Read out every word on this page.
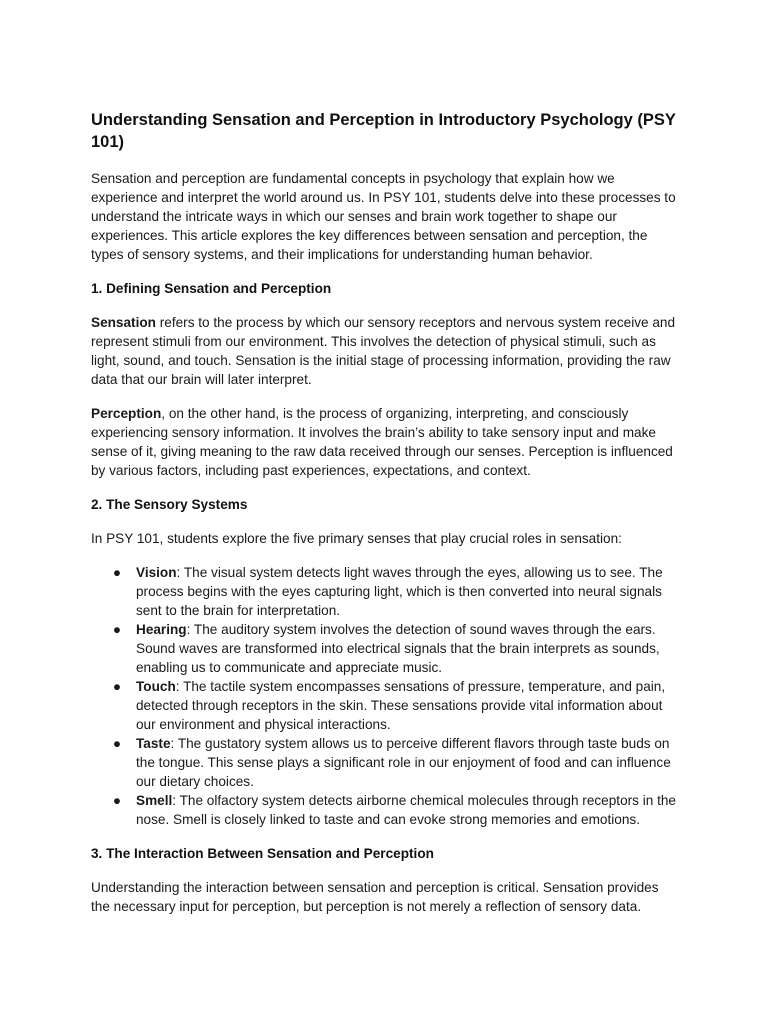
Understanding Sensation and Perception in Introductory Psychology (PSY 101)

Sensation and perception are fundamental concepts in psychology that explain how we experience and interpret the world around us. In PSY 101, students delve into these processes to understand the intricate ways in which our senses and brain work together to shape our experiences. This article explores the key differences between sensation and perception, the types of sensory systems, and their implications for understanding human behavior.

1. Defining Sensation and Perception

Sensation refers to the process by which our sensory receptors and nervous system receive and represent stimuli from our environment. This involves the detection of physical stimuli, such as light, sound, and touch. Sensation is the initial stage of processing information, providing the raw data that our brain will later interpret.

Perception, on the other hand, is the process of organizing, interpreting, and consciously experiencing sensory information. It involves the brain’s ability to take sensory input and make sense of it, giving meaning to the raw data received through our senses. Perception is influenced by various factors, including past experiences, expectations, and context.

2. The Sensory Systems

In PSY 101, students explore the five primary senses that play crucial roles in sensation:

● Vision: The visual system detects light waves through the eyes, allowing us to see. The process begins with the eyes capturing light, which is then converted into neural signals sent to the brain for interpretation.
● Hearing: The auditory system involves the detection of sound waves through the ears. Sound waves are transformed into electrical signals that the brain interprets as sounds, enabling us to communicate and appreciate music.
● Touch: The tactile system encompasses sensations of pressure, temperature, and pain, detected through receptors in the skin. These sensations provide vital information about our environment and physical interactions.
● Taste: The gustatory system allows us to perceive different flavors through taste buds on the tongue. This sense plays a significant role in our enjoyment of food and can influence our dietary choices.
● Smell: The olfactory system detects airborne chemical molecules through receptors in the nose. Smell is closely linked to taste and can evoke strong memories and emotions.
3. The Interaction Between Sensation and Perception

Understanding the interaction between sensation and perception is critical. Sensation provides the necessary input for perception, but perception is not merely a reflection of sensory data.
